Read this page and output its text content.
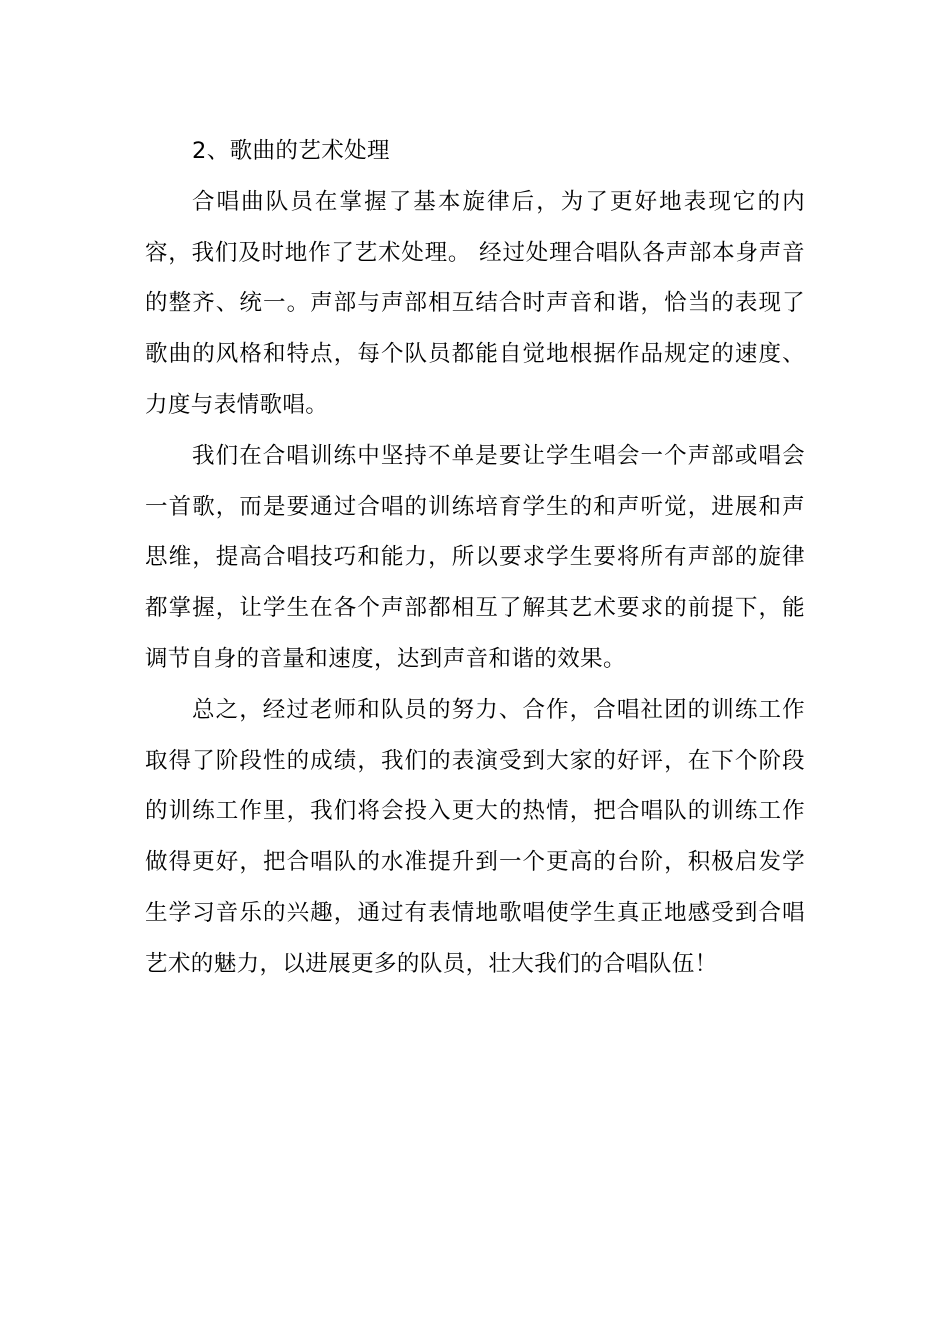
2、歌曲的艺术处理

合唱曲队员在掌握了基本旋律后，为了更好地表现它的内容，我们及时地作了艺术处理。 经过处理合唱队各声部本身声音的整齐、统一。声部与声部相互结合时声音和谐，恰当的表现了歌曲的风格和特点，每个队员都能自觉地根据作品规定的速度、力度与表情歌唱。

我们在合唱训练中坚持不单是要让学生唱会一个声部或唱会一首歌，而是要通过合唱的训练培育学生的和声听觉，进展和声思维，提高合唱技巧和能力，所以要求学生要将所有声部的旋律都掌握，让学生在各个声部都相互了解其艺术要求的前提下，能调节自身的音量和速度，达到声音和谐的效果。

总之，经过老师和队员的努力、合作，合唱社团的训练工作取得了阶段性的成绩，我们的表演受到大家的好评，在下个阶段的训练工作里，我们将会投入更大的热情，把合唱队的训练工作做得更好，把合唱队的水准提升到一个更高的台阶，积极启发学生学习音乐的兴趣，通过有表情地歌唱使学生真正地感受到合唱艺术的魅力，以进展更多的队员，壮大我们的合唱队伍！
